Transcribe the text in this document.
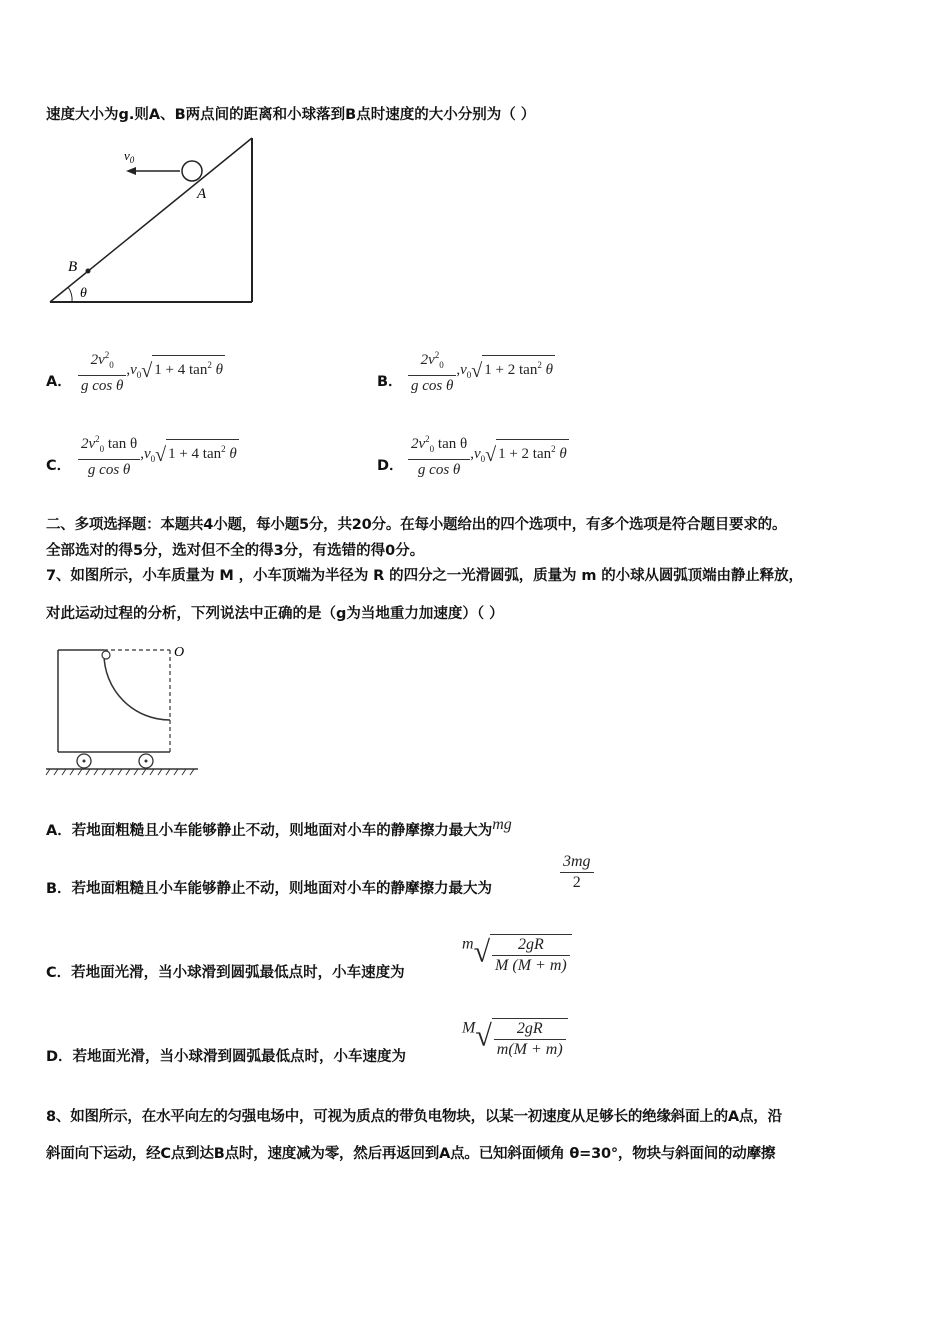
速度大小为g.则A、B两点间的距离和小球落到B点时速度的大小分别为（ ）
$v_0$
A
B
θ
A． $\frac{2v^2_0}{\text{g cos θ}} ,v_0√$ 1 + 4 $\tan^2 \theta$
B． $\frac{2v^2_0}{\text{g cos θ}} ,v_0√$ 1 + 2 $\tan^2 \theta$
C． $\frac{2v^2_0 \tan \theta}{\text{g cos θ}} ,v_0√$ 1 + 4 $\tan^2 \theta$
D． $\frac{2v^2_0 \tan \theta}{\text{g cos θ}} ,v_0√$ 1 + 2 $\tan^2 \theta$
二、多项选择题：本题共4小题，每小题5分，共20分。在每小题给出的四个选项中，有多个选项是符合题目要求的。
全部选对的得5分，选对但不全的得3分，有选错的得0分。
7、如图所示，小车质量为 M ，小车顶端为半径为 R 的四分之一光滑圆弧，质量为 m 的小球从圆弧顶端由静止释放，
对此运动过程的分析，下列说法中正确的是（g为当地重力加速度）（ ）
O
A．若地面粗糙且小车能够静止不动，则地面对小车的静摩擦力最大为mg
B．若地面粗糙且小车能够静止不动，则地面对小车的静摩擦力最大为	$\frac{3mg}{2}$
C．若地面光滑，当小球滑到圆弧最低点时，小车速度为
$m√ \frac{2gR}{M (M + m)}$
D．若地面光滑，当小球滑到圆弧最低点时，小车速度为
$M√ \frac{2gR}{m(M + m)}$
8、如图所示，在水平向左的匀强电场中，可视为质点的带负电物块，以某一初速度从足够长的绝缘斜面上的A点，沿
斜面向下运动，经C点到达B点时，速度减为零，然后再返回到A点。已知斜面倾角 θ=30°，物块与斜面间的动摩擦
